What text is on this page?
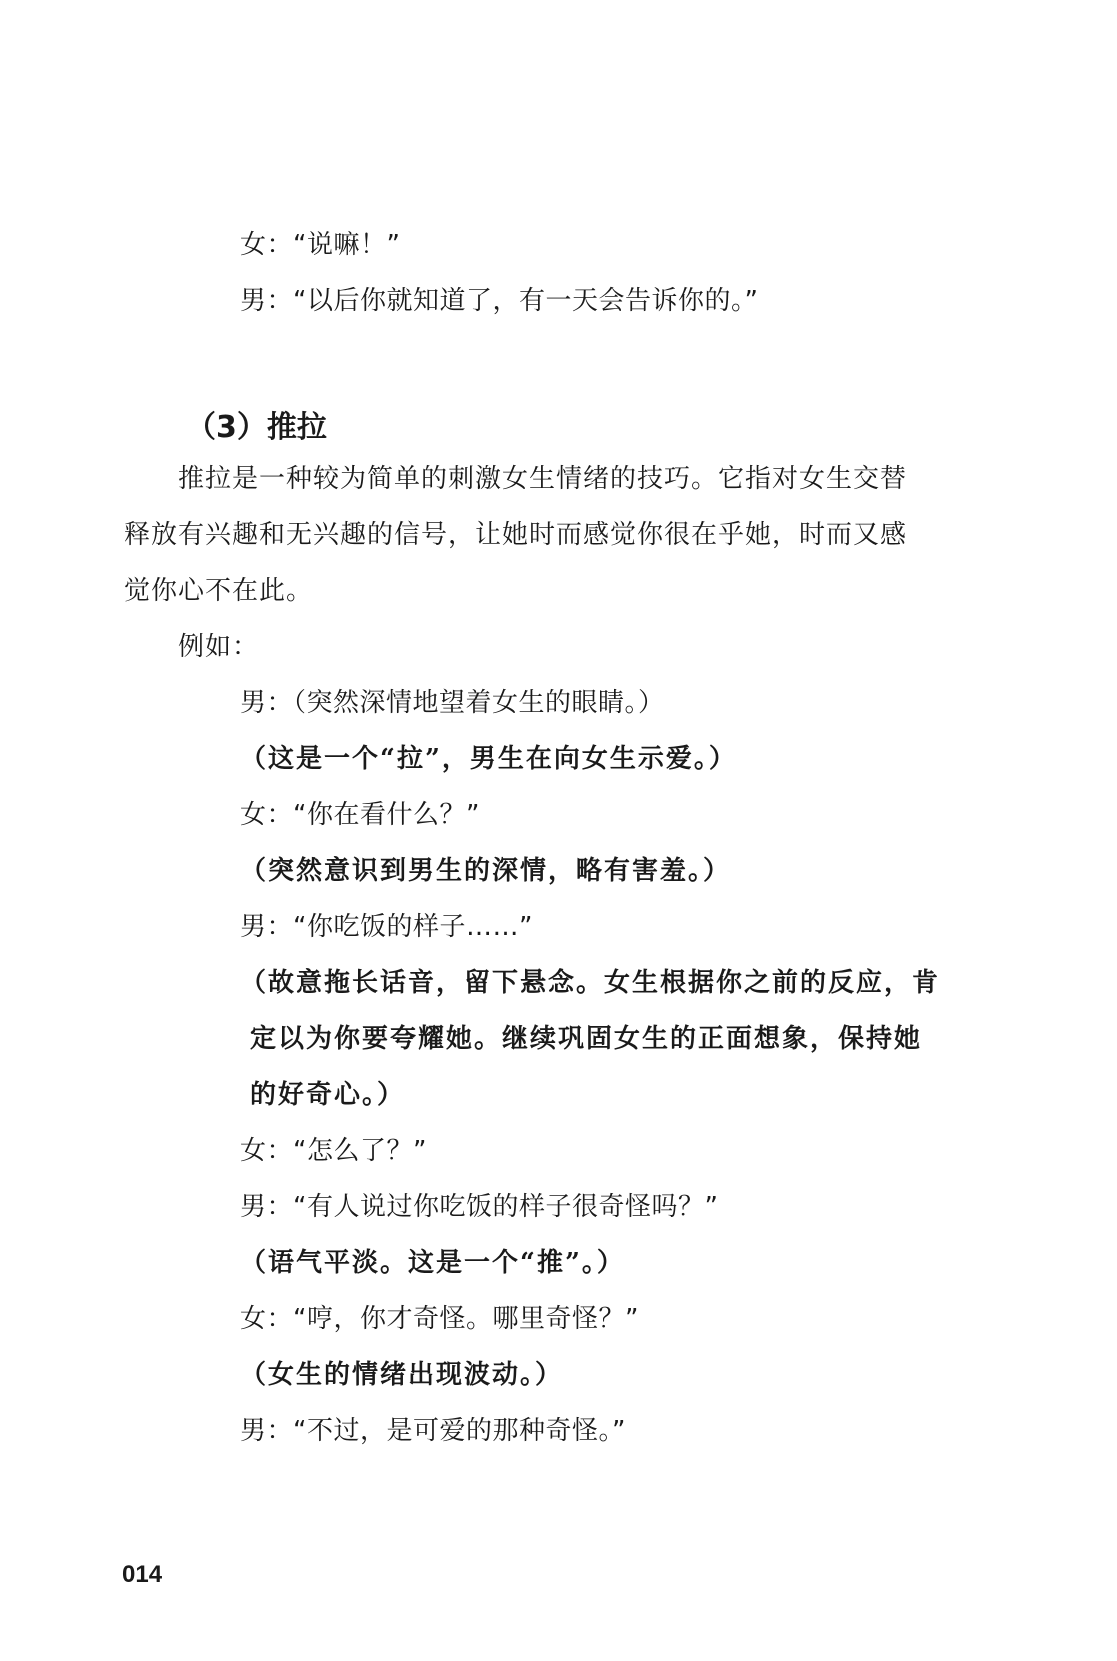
女：“说嘛！”
男：“以后你就知道了，有一天会告诉你的。”
（3）推拉
推拉是一种较为简单的刺激女生情绪的技巧。它指对女生交替
释放有兴趣和无兴趣的信号，让她时而感觉你很在乎她，时而又感
觉你心不在此。
例如：
男：（突然深情地望着女生的眼睛。）
（这是一个“拉”，男生在向女生示爱。）
女：“你在看什么？”
（突然意识到男生的深情，略有害羞。）
男：“你吃饭的样子……”
（故意拖长话音，留下悬念。女生根据你之前的反应，肯
定以为你要夸耀她。继续巩固女生的正面想象，保持她
的好奇心。）
女：“怎么了？”
男：“有人说过你吃饭的样子很奇怪吗？”
（语气平淡。这是一个“推”。）
女：“哼，你才奇怪。哪里奇怪？”
（女生的情绪出现波动。）
男：“不过，是可爱的那种奇怪。”
014
